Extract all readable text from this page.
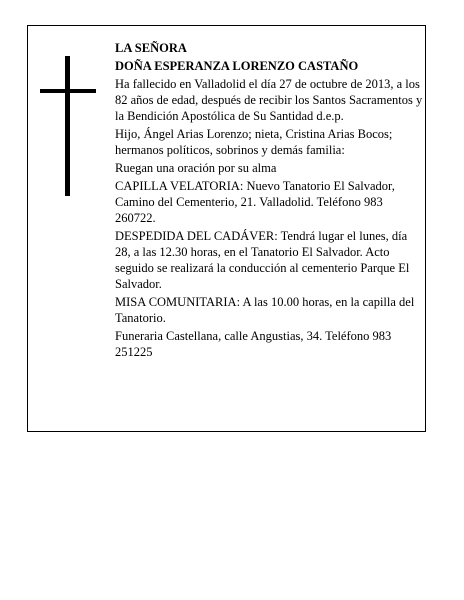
LA SEÑORA

DOÑA ESPERANZA LORENZO CASTAÑO

Ha fallecido en Valladolid el día 27 de octubre de 2013, a los 82 años de edad, después de recibir los Santos Sacramentos y la Bendición Apostólica de Su Santidad d.e.p.

Hijo, Ángel Arias Lorenzo; nieta, Cristina Arias Bocos; hermanos políticos, sobrinos y demás familia:

Ruegan una oración por su alma

CAPILLA VELATORIA: Nuevo Tanatorio El Salvador, Camino del Cementerio, 21. Valladolid. Teléfono 983 260722.

DESPEDIDA DEL CADÁVER: Tendrá lugar el lunes, día 28, a las 12.30 horas, en el Tanatorio El Salvador. Acto seguido se realizará la conducción al cementerio Parque El Salvador.

MISA COMUNITARIA: A las 10.00 horas, en la capilla del Tanatorio.

Funeraria Castellana, calle Angustias, 34. Teléfono 983 251225
